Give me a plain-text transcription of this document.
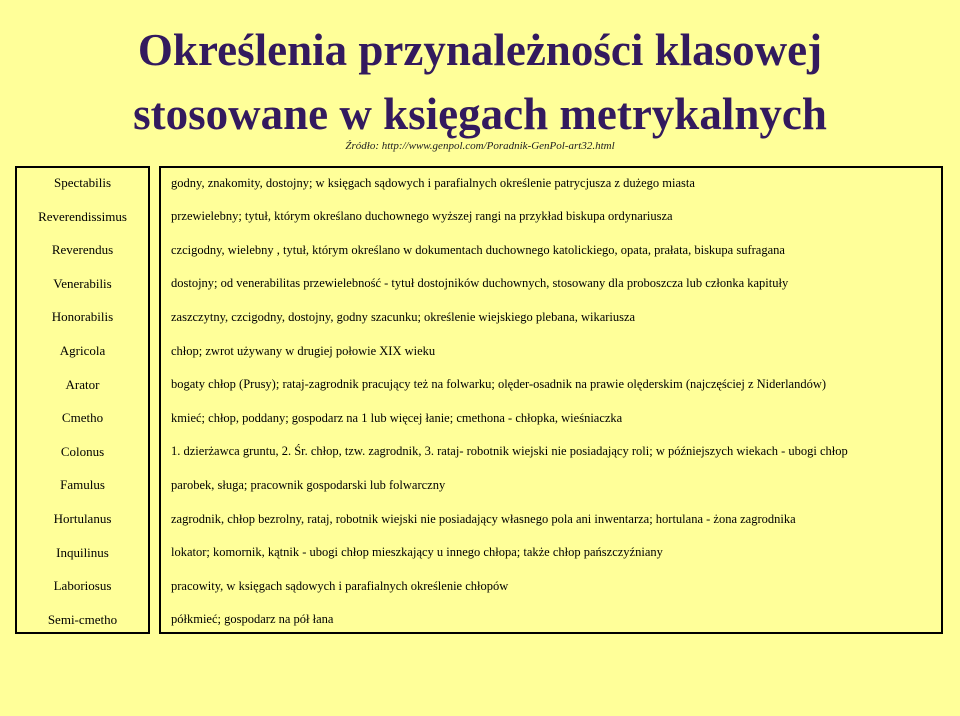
Określenia przynależności klasowej
stosowane w księgach metrykalnych
Źródło: http://www.genpol.com/Poradnik-GenPol-art32.html
Spectabilis
Reverendissimus
Reverendus
Venerabilis
Honorabilis
Agricola
Arator
Cmetho
Colonus
Famulus
Hortulanus
Inquilinus
Laboriosus
Semi-cmetho
godny, znakomity, dostojny; w księgach sądowych i parafialnych określenie patrycjusza z dużego miasta
przewielebny; tytuł, którym określano duchownego wyższej rangi na przykład biskupa ordynariusza
czcigodny, wielebny , tytuł, którym określano w dokumentach duchownego katolickiego, opata, prałata, biskupa sufragana
dostojny; od venerabilitas przewielebność - tytuł dostojników duchownych, stosowany dla proboszcza lub członka kapituły
zaszczytny, czcigodny, dostojny, godny szacunku; określenie wiejskiego plebana, wikariusza
chłop; zwrot używany w drugiej połowie XIX wieku
bogaty chłop (Prusy); rataj-zagrodnik pracujący też na folwarku; olęder-osadnik na prawie olęderskim (najczęściej z Niderlandów)
kmieć; chłop, poddany; gospodarz na 1 lub więcej łanie; cmethona - chłopka, wieśniaczka
1. dzierżawca gruntu, 2. Śr. chłop, tzw. zagrodnik, 3. rataj- robotnik wiejski nie posiadający roli; w późniejszych wiekach - ubogi chłop
parobek, sługa; pracownik gospodarski lub folwarczny
zagrodnik, chłop bezrolny, rataj, robotnik wiejski nie posiadający własnego pola ani inwentarza; hortulana - żona zagrodnika
lokator; komornik, kątnik - ubogi chłop mieszkający u innego chłopa; także chłop pańszczyźniany
pracowity, w księgach sądowych i parafialnych określenie chłopów
półkmieć; gospodarz na pół łana
